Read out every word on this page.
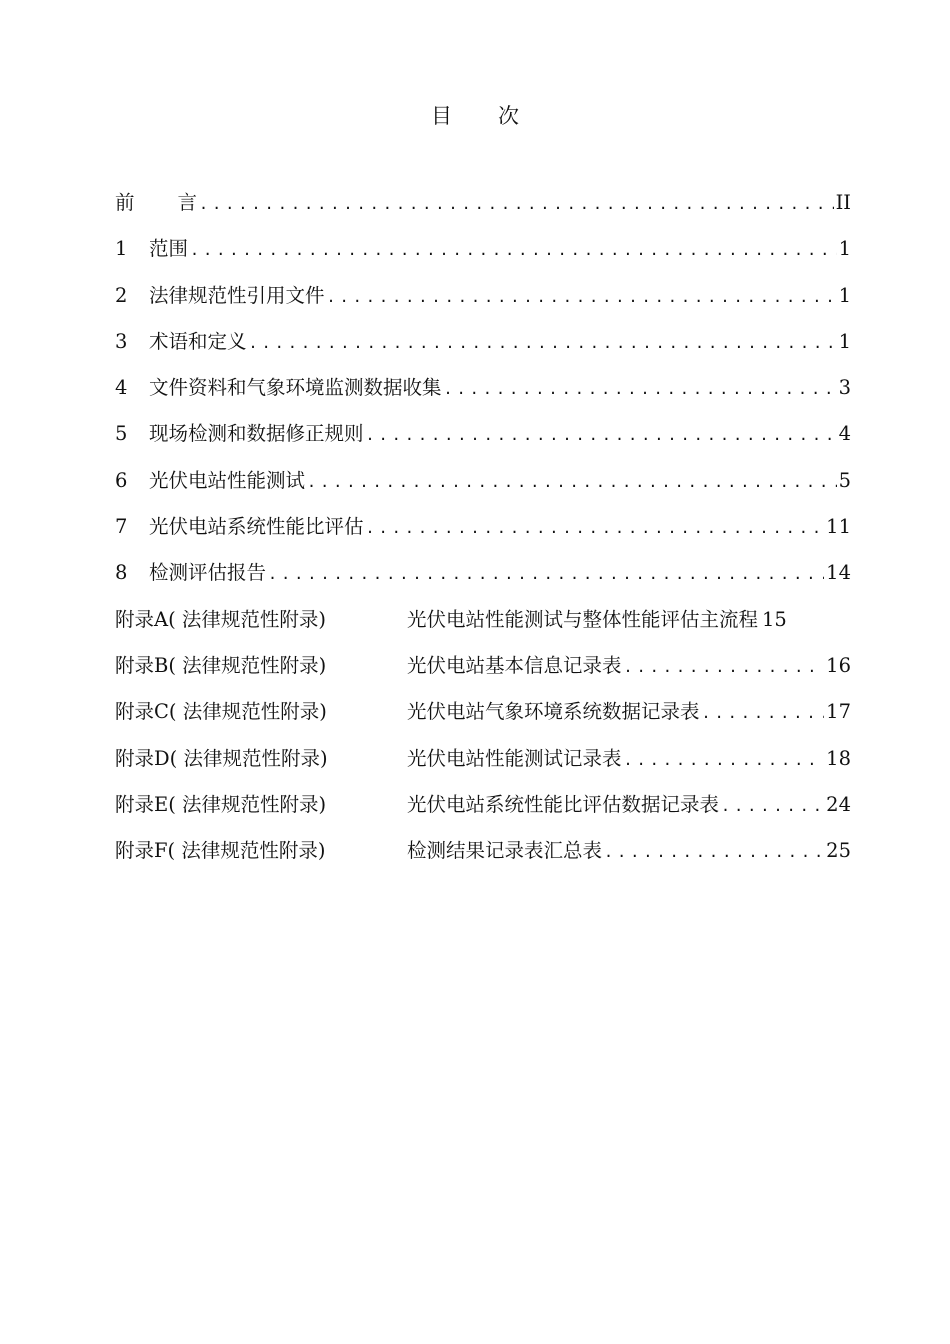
目 次
前 言 .....	II
1	范围 .....	1
2	法律规范性引用文件 .....	1
3	术语和定义 .....	1
4	文件资料和气象环境监测数据收集 .....	3
5	现场检测和数据修正规则 .....	4
6	光伏电站性能测试 .....	5
7	光伏电站系统性能比评估 .....	11
8	检测评估报告 .....	14
附录A( 法律规范性附录)	光伏电站性能测试与整体性能评估主流程 15
附录B( 法律规范性附录)	光伏电站基本信息记录表 .....	16
附录C( 法律规范性附录)	光伏电站气象环境系统数据记录表 .....	17
附录D( 法律规范性附录)	光伏电站性能测试记录表 .....	18
附录E( 法律规范性附录)	光伏电站系统性能比评估数据记录表 .....	24
附录F( 法律规范性附录)	检测结果记录表汇总表 .....	25
